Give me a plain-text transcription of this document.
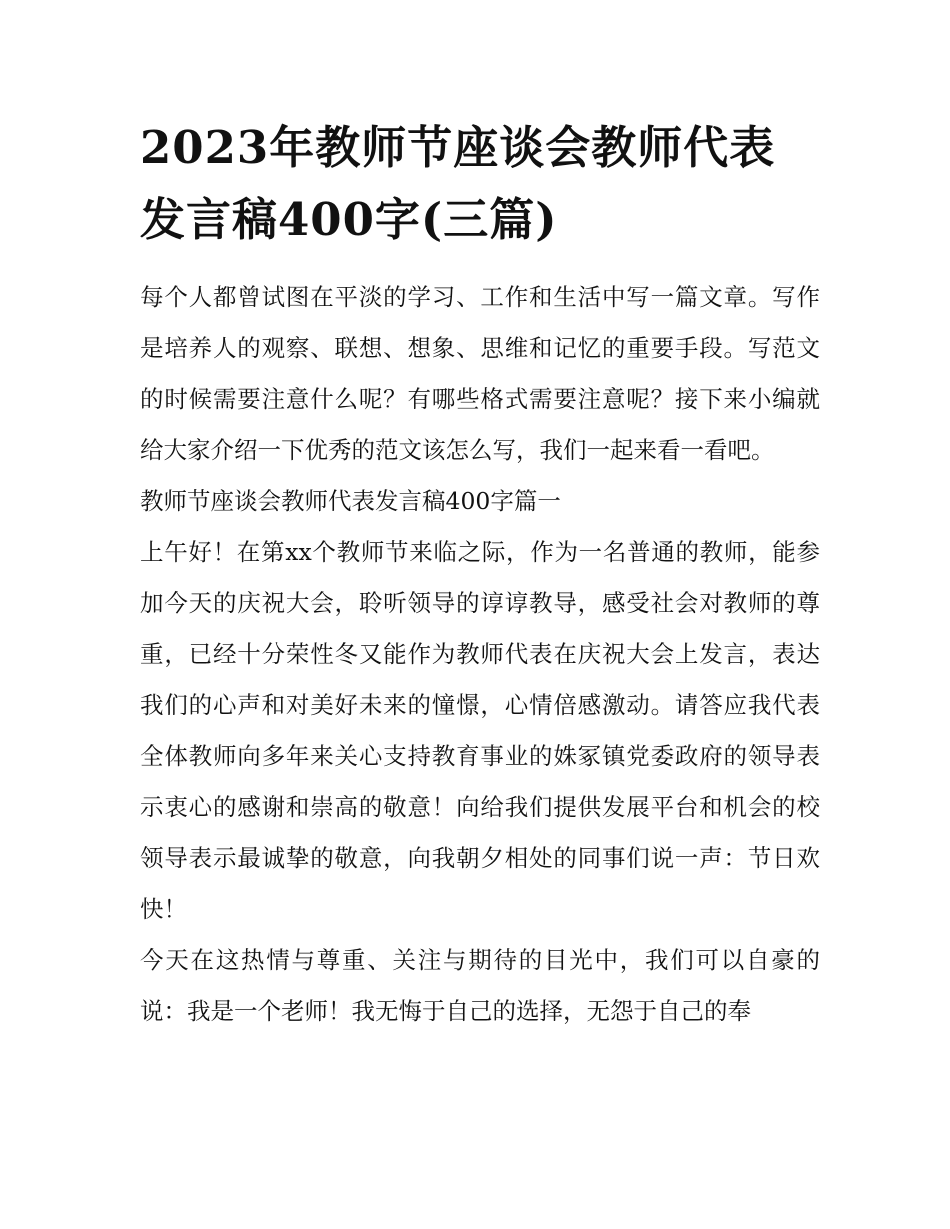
2023年教师节座谈会教师代表发言稿400字(三篇)

每个人都曾试图在平淡的学习、工作和生活中写一篇文章。写作是培养人的观察、联想、想象、思维和记忆的重要手段。写范文的时候需要注意什么呢？有哪些格式需要注意呢？接下来小编就给大家介绍一下优秀的范文该怎么写，我们一起来看一看吧。

教师节座谈会教师代表发言稿400字篇一

上午好！在第xx个教师节来临之际，作为一名普通的教师，能参加今天的庆祝大会，聆听领导的谆谆教导，感受社会对教师的尊重，已经十分荣性冬又能作为教师代表在庆祝大会上发言，表达我们的心声和对美好未来的憧憬，心情倍感激动。请答应我代表全体教师向多年来关心支持教育事业的姝冢镇党委政府的领导表示衷心的感谢和崇高的敬意！向给我们提供发展平台和机会的校领导表示最诚挚的敬意，向我朝夕相处的同事们说一声：节日欢快！

今天在这热情与尊重、关注与期待的目光中，我们可以自豪的说：我是一个老师！我无悔于自己的选择，无怨于自己的奉
